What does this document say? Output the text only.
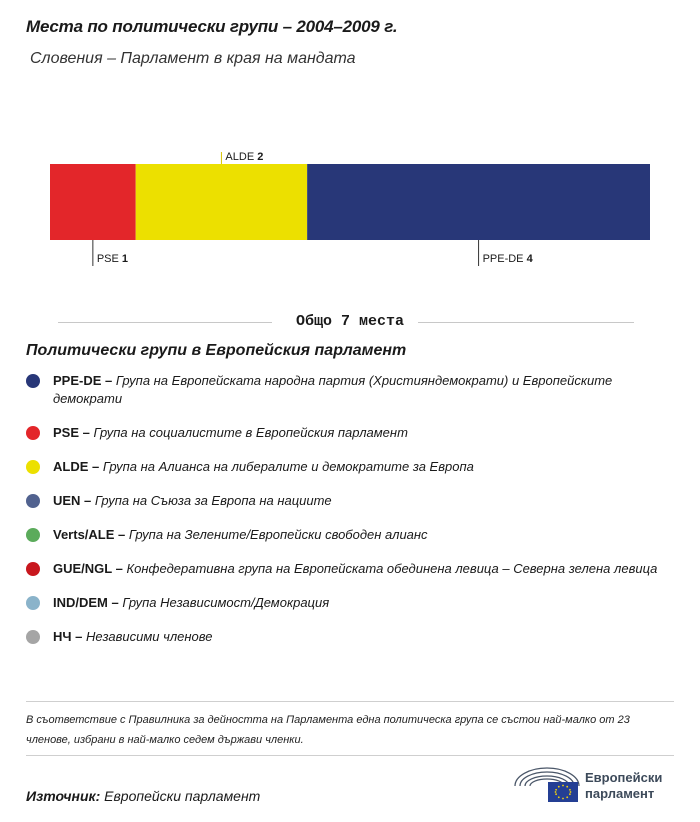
Места по политически групи – 2004–2009 г.
Словения – Парламент в края на мандата
PSE 1
ALDE 2
PPE-DE 4
Общо 7 места
Политически групи в Европейския парламент
PPE-DE – Група на Европейската народна партия (Християндемократи) и Европейските демократи
PSE – Група на социалистите в Европейския парламент
ALDE – Група на Алианса на либералите и демократите за Европа
UEN – Група на Съюза за Европа на нациите
Verts/ALE – Група на Зелените/Европейски свободен алианс
GUE/NGL – Конфедеративна група на Европейската обединена левица – Северна зелена левица
IND/DEM – Група Независимост/Демокрация
НЧ – Независими членове
В съответствие с Правилника за дейността на Парламента една политическа група се състои най-малко от 23 членове, избрани в най-малко седем държави членки.
Източник: Европейски парламент
Европейски
парламент
